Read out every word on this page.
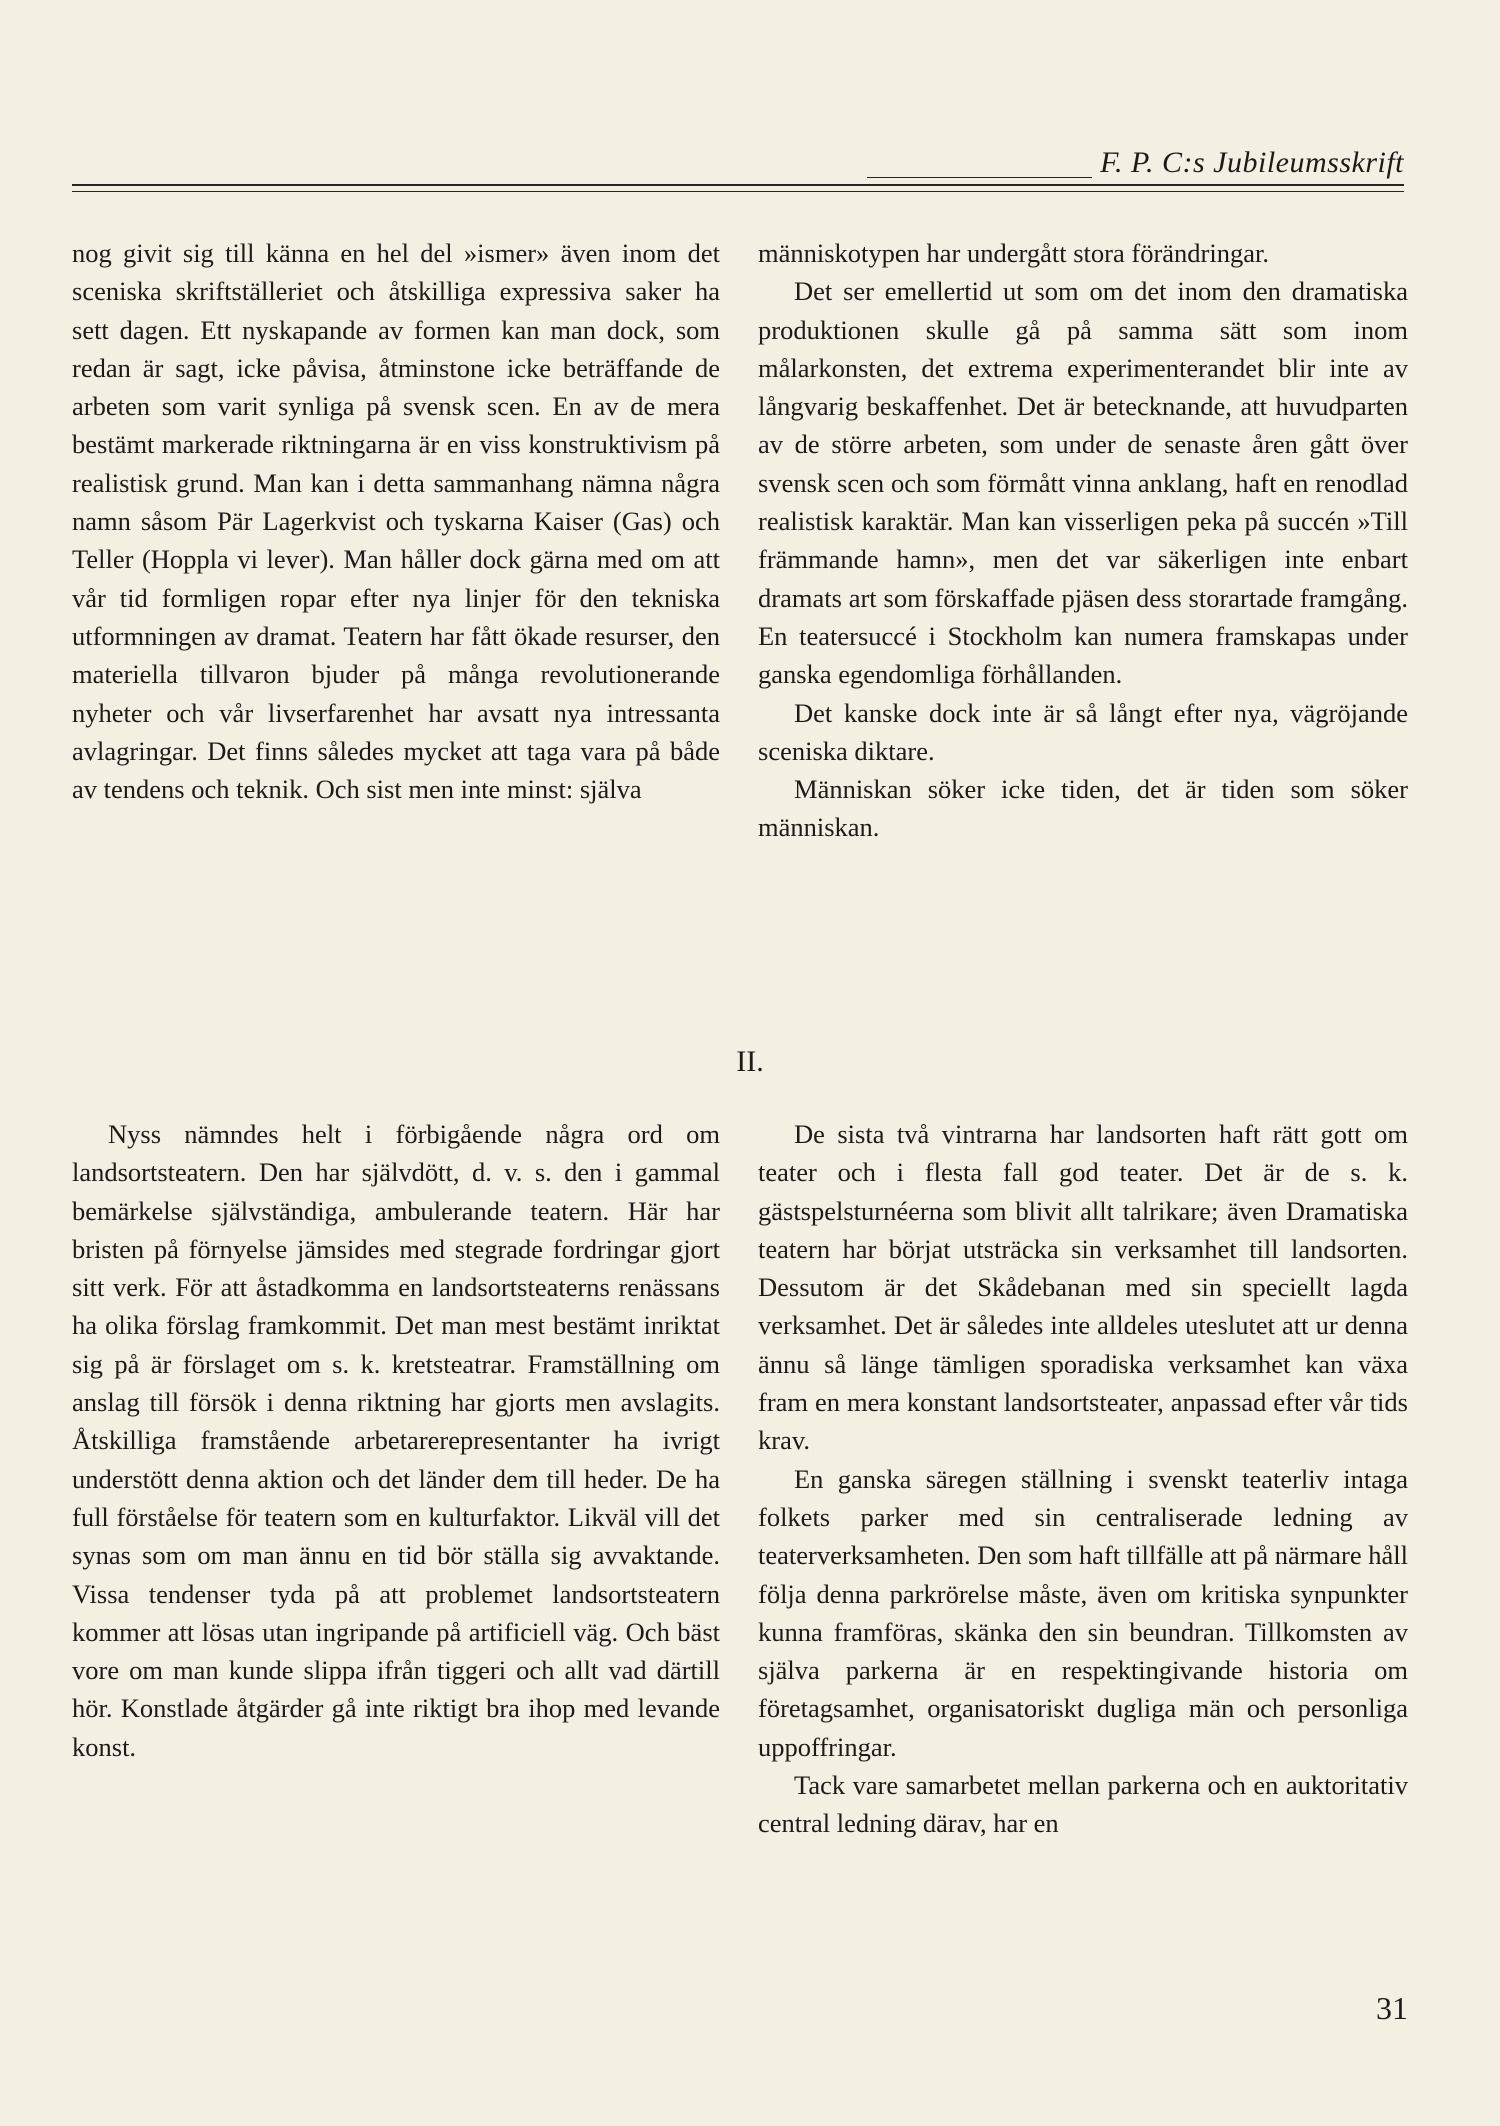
F. P. C:s Jubileumsskrift

nog givit sig till känna en hel del »ismer» även inom det sceniska skriftställeriet och åtskilliga expressiva saker ha sett dagen. Ett nyskapande av formen kan man dock, som redan är sagt, icke påvisa, åtminstone icke beträffande de arbeten som varit synliga på svensk scen. En av de mera bestämt markerade riktningarna är en viss konstruktivism på realistisk grund. Man kan i detta sammanhang nämna några namn såsom Pär Lagerkvist och tyskarna Kaiser (Gas) och Teller (Hoppla vi lever). Man håller dock gärna med om att vår tid formligen ropar efter nya linjer för den tekniska utformningen av dramat. Teatern har fått ökade resurser, den materiella tillvaron bjuder på många revolutionerande nyheter och vår livserfarenhet har avsatt nya intressanta avlagringar. Det finns således mycket att taga vara på både av tendens och teknik. Och sist men inte minst: själva

människotypen har undergått stora förändringar.

Det ser emellertid ut som om det inom den dramatiska produktionen skulle gå på samma sätt som inom målarkonsten, det extrema experimenterandet blir inte av långvarig beskaffenhet. Det är betecknande, att huvudparten av de större arbeten, som under de senaste åren gått över svensk scen och som förmått vinna anklang, haft en renodlad realistisk karaktär. Man kan visserligen peka på succén »Till främmande hamn», men det var säkerligen inte enbart dramats art som förskaffade pjäsen dess storartade framgång. En teatersuccé i Stockholm kan numera framskapas under ganska egendomliga förhållanden.

Det kanske dock inte är så långt efter nya, vägröjande sceniska diktare.

Människan söker icke tiden, det är tiden som söker människan.

II.

Nyss nämndes helt i förbigående några ord om landsortsteatern. Den har självdött, d. v. s. den i gammal bemärkelse självständiga, ambulerande teatern. Här har bristen på förnyelse jämsides med stegrade fordringar gjort sitt verk. För att åstadkomma en landsortsteaterns renässans ha olika förslag framkommit. Det man mest bestämt inriktat sig på är förslaget om s. k. kretsteatrar. Framställning om anslag till försök i denna riktning har gjorts men avslagits. Åtskilliga framstående arbetarerepresentanter ha ivrigt understött denna aktion och det länder dem till heder. De ha full förståelse för teatern som en kulturfaktor. Likväl vill det synas som om man ännu en tid bör ställa sig avvaktande. Vissa tendenser tyda på att problemet landsortsteatern kommer att lösas utan ingripande på artificiell väg. Och bäst vore om man kunde slippa ifrån tiggeri och allt vad därtill hör. Konstlade åtgärder gå inte riktigt bra ihop med levande konst.

De sista två vintrarna har landsorten haft rätt gott om teater och i flesta fall god teater. Det är de s. k. gästspelsturnéerna som blivit allt talrikare; även Dramatiska teatern har börjat utsträcka sin verksamhet till landsorten. Dessutom är det Skådebanan med sin speciellt lagda verksamhet. Det är således inte alldeles uteslutet att ur denna ännu så länge tämligen sporadiska verksamhet kan växa fram en mera konstant landsortsteater, anpassad efter vår tids krav.

En ganska säregen ställning i svenskt teaterliv intaga folkets parker med sin centraliserade ledning av teaterverksamheten. Den som haft tillfälle att på närmare håll följa denna parkrörelse måste, även om kritiska synpunkter kunna framföras, skänka den sin beundran. Tillkomsten av själva parkerna är en respektingivande historia om företagsamhet, organisatoriskt dugliga män och personliga uppoffringar.

Tack vare samarbetet mellan parkerna och en auktoritativ central ledning därav, har en

31
